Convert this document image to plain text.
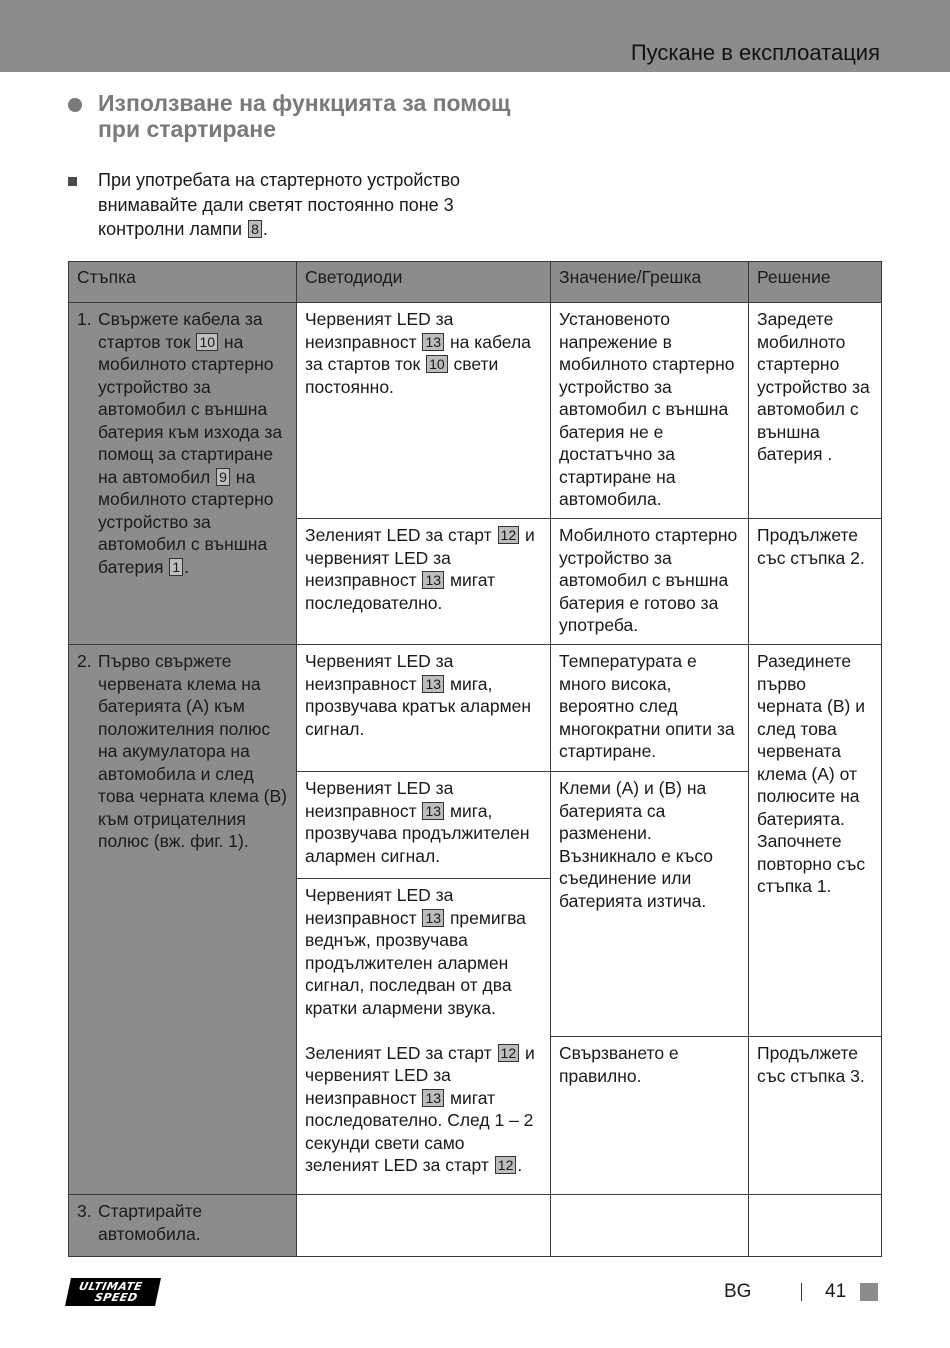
Пускане в експлоатация
Използване на функцията за помощ при стартиране
При употребата на стартерното устройство внимавайте дали светят постоянно поне 3 контролни лампи 8 .
Стъпка	Светодиоди	Значение/Грешка	Решение

1. Свържете кабела за стартов ток 10 на мобилното стартерно устройство за автомобил с външна батерия към изхода за помощ за стартиране на автомобил 9 на мобилното стартерно устройство за автомобил с външна батерия 1 .	Червеният LED за неизправност 13 на кабела за стартов ток 10 свети постоянно.	Установеното напрежение в мобилното стартерно устройство за автомобил с външна батерия не е достатъчно за стартиране на автомобила.	Заредете мобилното стартерно устройство за автомобил с външна батерия .
	Зеленият LED за старт 12 и червеният LED за неизправност 13 мигат последователно.	Мобилното стартерно устройство за автомобил с външна батерия е готово за употреба.	Продължете със стъпка 2.

2. Първо свържете червената клема на батерията (A) към положителния полюс на акумулатора на автомобила и след това черната клема (B) към отрицателния полюс (вж. фиг. 1).	Червеният LED за неизправност 13 мига, прозвучава кратък алармен сигнал.	Температурата е много висока, вероятно след многократни опити за стартиране.	Разединете първо черната (B) и след това червената клема (A) от полюсите на батерията. Започнете повторно със стъпка 1.
	Червеният LED за неизправност 13 мига, прозвучава продължителен алармен сигнал.	Клеми (A) и (B) на батерията са разменени. Възникнало е късо съединение или батерията изтича.	
	Червеният LED за неизправност 13 премигва веднъж, прозвучава продължителен алармен сигнал, последван от два кратки алармени звука.		
	Зеленият LED за старт 12 и червеният LED за неизправност 13 мигат последователно. След 1 – 2 секунди свети само зеленият LED за старт 12 .	Свързването е правилно.	Продължете със стъпка 3.

3. Стартирайте автомобила.			

ULTIMATE
SPEED	BG	41
